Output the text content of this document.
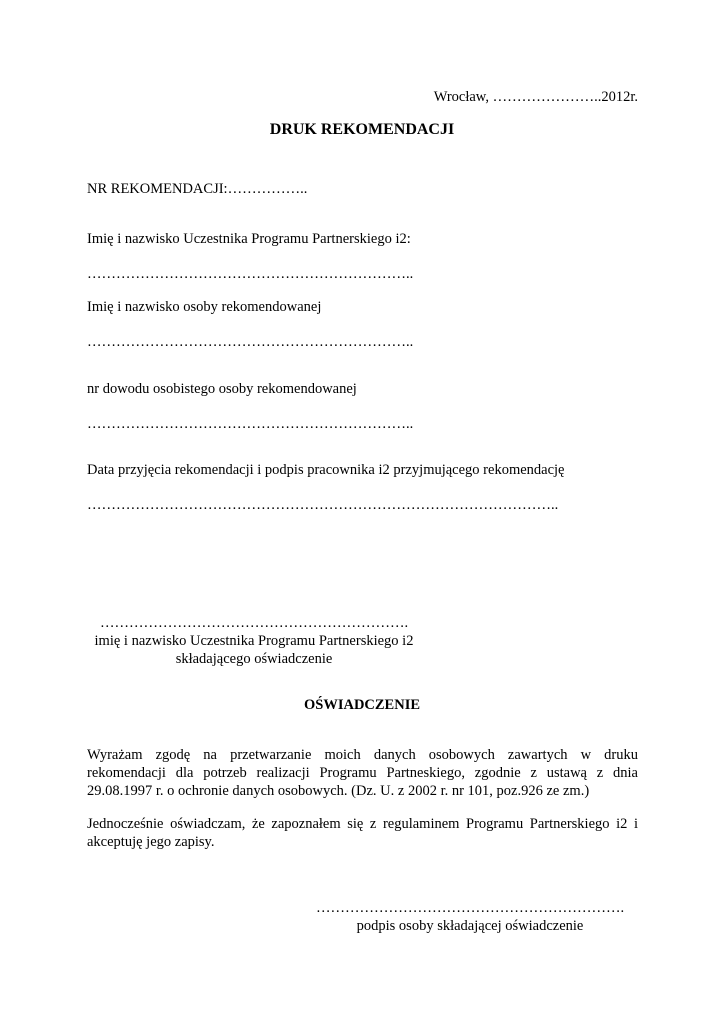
Wrocław, …………………..2012r.

DRUK REKOMENDACJI

NR REKOMENDACJI:……………..

Imię i nazwisko Uczestnika Programu Partnerskiego i2:

…………………………………………………………..

Imię i nazwisko osoby rekomendowanej

…………………………………………………………..

nr dowodu osobistego osoby rekomendowanej

…………………………………………………………..

Data przyjęcia rekomendacji i podpis pracownika i2 przyjmującego rekomendację

……………………………………………………………………………………..

……………………………………………………….
imię i nazwisko Uczestnika Programu Partnerskiego i2
składającego oświadczenie

OŚWIADCZENIE

Wyrażam zgodę na przetwarzanie moich danych osobowych zawartych w druku
rekomendacji dla potrzeb realizacji Programu Partneskiego, zgodnie z ustawą z dnia
29.08.1997 r. o ochronie danych osobowych. (Dz. U. z 2002 r. nr 101, poz.926 ze zm.)
Jednocześnie oświadczam, że zapoznałem się z regulaminem Programu Partnerskiego i2 i
akceptuję jego zapisy.
……………………………………………………….
podpis osoby składającej oświadczenie
